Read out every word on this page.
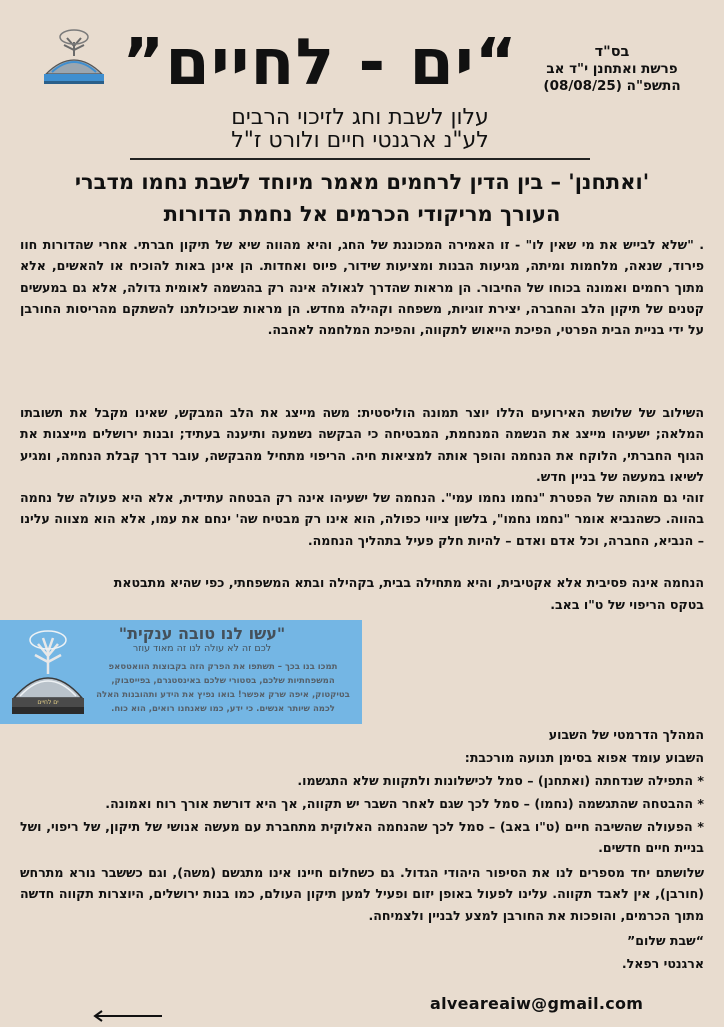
“ים - לחיים”	בס"ד
פרשת ואתחנן י"ד אב
התשפ"ה (08/08/25)
עלון לשבת וחג לזיכוי הרבים
לע"נ ארגנטי חיים ולורט ז"ל
'ואתחנן' – בין הדין לרחמים מאמר מיוחד לשבת נחמו מדברי
העורך מריקודי הכרמים אל נחמת הדורות
. "שלא לבייש את מי שאין לו" - זו האמירה המכוננת של החג, והיא מהווה שיא של תיקון חברתי. אחרי שהדורות חוו פירוד, שנאה, מלחמות ומיתה, מגיעות הבנות ומציעות שידור, פיוס ואחדות. הן אינן באות להוכיח או להאשים, אלא מתוך רחמים ואמונה בכוחו של החיבור. הן מראות שהדרך לגאולה אינה רק בהגשמה לאומית גדולה, אלא גם במעשים קטנים של תיקון הלב והחברה, יצירת זוגיות, משפחה וקהילה מחדש. הן מראות שביכולתנו להשתקם מהריסות החורבן על ידי בניית הבית הפרטי, הפיכת הייאוש לתקווה, והפיכת המלחמה לאהבה.
השילוב של שלושת האירועים הללו יוצר תמונה הוליסטית: משה מייצג את הלב המבקש, שאינו מקבל את תשובתו המלאה; ישעיהו מייצג את הנשמה המנחמת, המבטיחה כי הבקשה נשמעה ותיענה בעתיד; ובנות ירושלים מייצגות את הגוף החברתי, הלוקח את הנחמה והופך אותה למציאות חיה. הריפוי מתחיל מהבקשה, עובר דרך קבלת הנחמה, ומגיע לשיאו במעשה של בניין חדש.
זוהי גם מהותה של הפטרת "נחמו נחמו עמי". הנחמה של ישעיהו אינה רק הבטחה עתידית, אלא היא פעולה של נחמה בהווה. כשהנביא אומר "נחמו נחמו", בלשון ציווי כפולה, הוא אינו רק מבטיח שה' ינחם את עמו, אלא הוא מצווה עלינו – הנביא, החברה, וכל אדם ואדם – להיות חלק פעיל בתהליך הנחמה.
הנחמה אינה פסיבית אלא אקטיבית, והיא מתחילה בבית, בקהילה ובתא המשפחתי, כפי שהיא מתבטאת
בטקס הריפוי של ט"ו באב.
ים לחיים
"עשו לנו טובה ענקית"
לכם זה לא עולה לנו זה מאוד עוזר
תמכו בנו בכך – תשתפו את הפרק הזה בקבוצות הוואטסאפ המשפחתיות שלכם, בסטורי שלכם באינסטגרם, בפייסבוק, בטיקטוק, איפה שרק אפשר! בואו נפיץ את הידע ותהובנות האלה לכמה שיותר אנשים. כי ידע, כמו שאנחנו רואים, הוא כוח.
המהלך הדרמטי של השבוע
השבוע עומד אפוא בסימן תנועה מורכבת:
* התפילה שנדחתה (ואתחנן) – סמל לכישלונות ולתקוות שלא התגשמו.
* ההבטחה שהתגשמה (נחמו) – סמל לכך שגם לאחר השבר יש תקווה, אך היא דורשת אורך רוח ואמונה.
* הפעולה שהשיבה חיים (ט"ו באב) – סמל לכך שהנחמה האלוקית מתחברת עם מעשה אנושי של תיקון, של ריפוי, ושל בניית חיים חדשים.
שלושתם יחד מספרים לנו את הסיפור היהודי הגדול. גם כשחלום חיינו אינו מתגשם (משה), וגם כששבר נורא מתרחש (חורבן), אין לאבד תקווה. עלינו לפעול באופן יזום ופעיל למען תיקון העולם, כמו בנות ירושלים, היוצרות תקווה חדשה מתוך הכרמים, והופכות את החורבן למצע לבניין ולצמיחה.
“שבת שלום”
ארגנטי רפאל.
alveareaiw@gmail.com
